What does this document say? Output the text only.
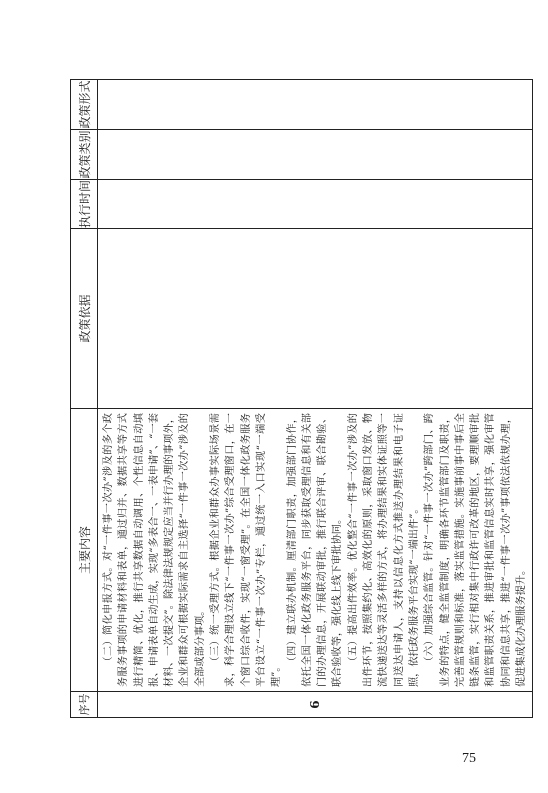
序号	主要内容	政策依据	执行时间	政策类别	政策形式
6	（二）简化申报方式。对“一件事一次办”涉及的多个政务服务事项的申请材料和表单，通过归并、数据共享等方式进行精简、优化，推行共享数据自动调用、个性信息自动填报、申请表单自动生成，实现“多表合一、一表申请”、“一套材料、一次提交”。除法律法规规定应当并行办理的事项外，企业和群众可根据实际需求自主选择“一件事一次办”涉及的全部或部分事项。 （三）统一受理方式。根据企业和群众办事实际场景需求，科学合理设立线下“一件事一次办”综合受理窗口，在一个窗口综合收件，实现“一窗受理”。在全国一体化政务服务平台设立“一件事一次办”专栏，通过统一入口实现“一端受理”。

（四）建立联办机制。厘清部门职责，加强部门协作，依托全国一体化政务服务平台，同步获取受理信息和有关部门的办理信息，开展联动审批，推行联合评审、联合勘验、联合验收等，强化线上线下审批协同。 （五）提高出件效率。优化整合“一件事一次办”涉及的出件环节，按照集约化、高效化的原则，采取窗口发放、物流快递送达等灵活多样的方式，将办理结果和实体证照等一同送达申请人，支持以信息化方式推送办理结果和电子证照，依托政务服务平台实现“一端出件”。 （六）加强综合监管。针对“一件事一次办”跨部门、跨业务的特点，健全监管制度，明确各环节监管部门及职责，完善监管规则和标准，落实监管措施。实施事前事中事后全链条监管，实行相对集中行政许可改革的地区，要理顺审批和监管职责关系，推进审批和监管信息实时共享，强化审管协同和信息共享，推进“一件事一次办”事项依法依规办理，促进集成化办理服务提升。				

75
